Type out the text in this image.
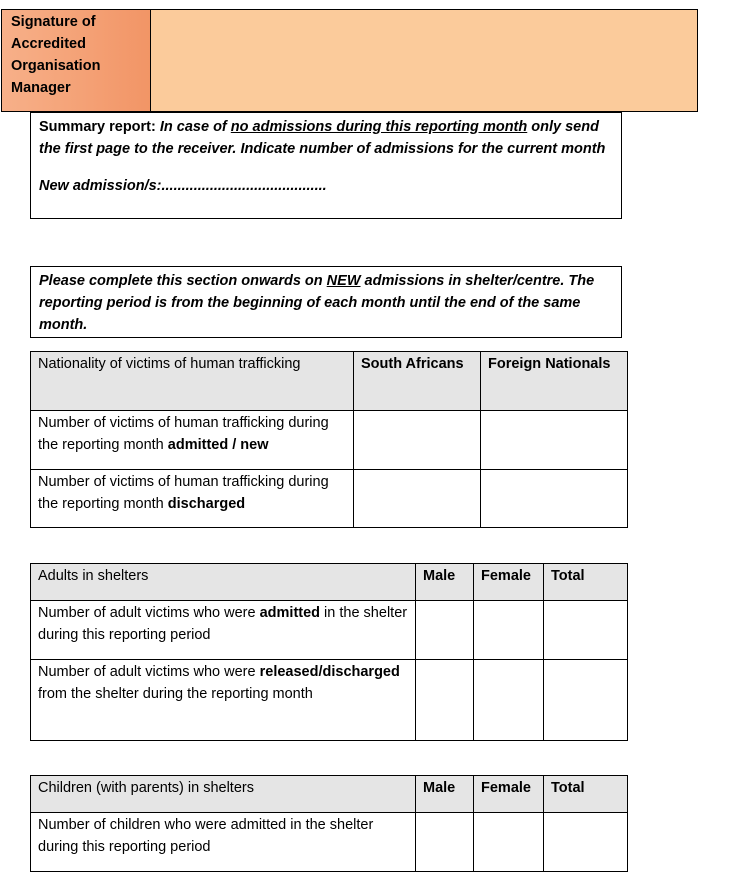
Signature of
Accredited
Organisation
Manager
Summary report: In case of no admissions during this reporting month only send the first page to the receiver. Indicate number of admissions for the current month
New admission/s:.........................................
Please complete this section onwards on NEW admissions in shelter/centre. The reporting period is from the beginning of each month until the end of the same month.
Nationality of victims of human trafficking	South Africans	Foreign Nationals
Number of victims of human trafficking during the reporting month admitted / new		
Number of victims of human trafficking during the reporting month discharged		
Adults in shelters	Male	Female	Total
Number of adult victims who were admitted in the shelter during this reporting period			
Number of adult victims who were released/discharged from the shelter during the reporting month			
Children (with parents) in shelters	Male	Female	Total
Number of children who were admitted in the shelter during this reporting period			
